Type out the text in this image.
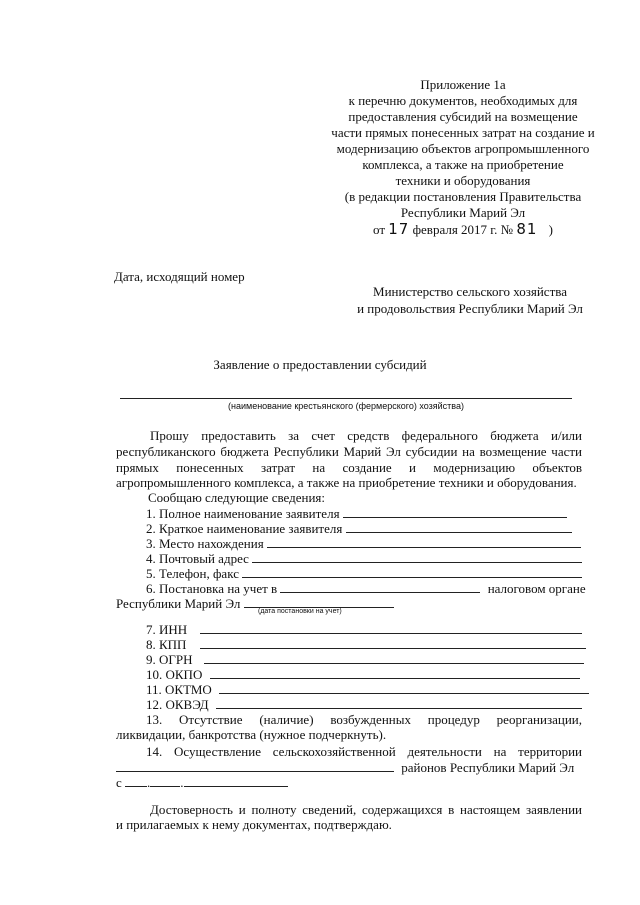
Приложение 1а
к перечню документов, необходимых для
предоставления субсидий на возмещение
части прямых понесенных затрат на создание и
модернизацию объектов агропромышленного
комплекса, а также на приобретение
техники и оборудования
(в редакции постановления Правительства
Республики Марий Эл
от 17 февраля 2017 г. № 81 )
Дата, исходящий номер
Министерство сельского хозяйства
и продовольствия Республики Марий Эл
Заявление о предоставлении субсидий
(наименование крестьянского (фермерского) хозяйства)
Прошу предоставить за счет средств федерального бюджета и/или
республиканского бюджета Республики Марий Эл субсидии на возмещение части
прямых понесенных затрат на создание и модернизацию объектов
агропромышленного комплекса, а также на приобретение техники и оборудования.
Сообщаю следующие сведения:
1. Полное наименование заявителя
2. Краткое наименование заявителя
3. Место нахождения
4. Почтовый адрес
5. Телефон, факс
6. Постановка на учет в	налоговом органе
Республики Марий Эл
(дата постановки на учет)
7. ИНН
8. КПП
9. ОГРН
10. ОКПО
11. ОКТМО
12. ОКВЭД
13. Отсутствие (наличие) возбужденных процедур реорганизации,
ликвидации, банкротства (нужное подчеркнуть).
14. Осуществление сельскохозяйственной деятельности на территории
районов Республики Марий Эл
с . .
Достоверность и полноту сведений, содержащихся в настоящем заявлении
и прилагаемых к нему документах, подтверждаю.
